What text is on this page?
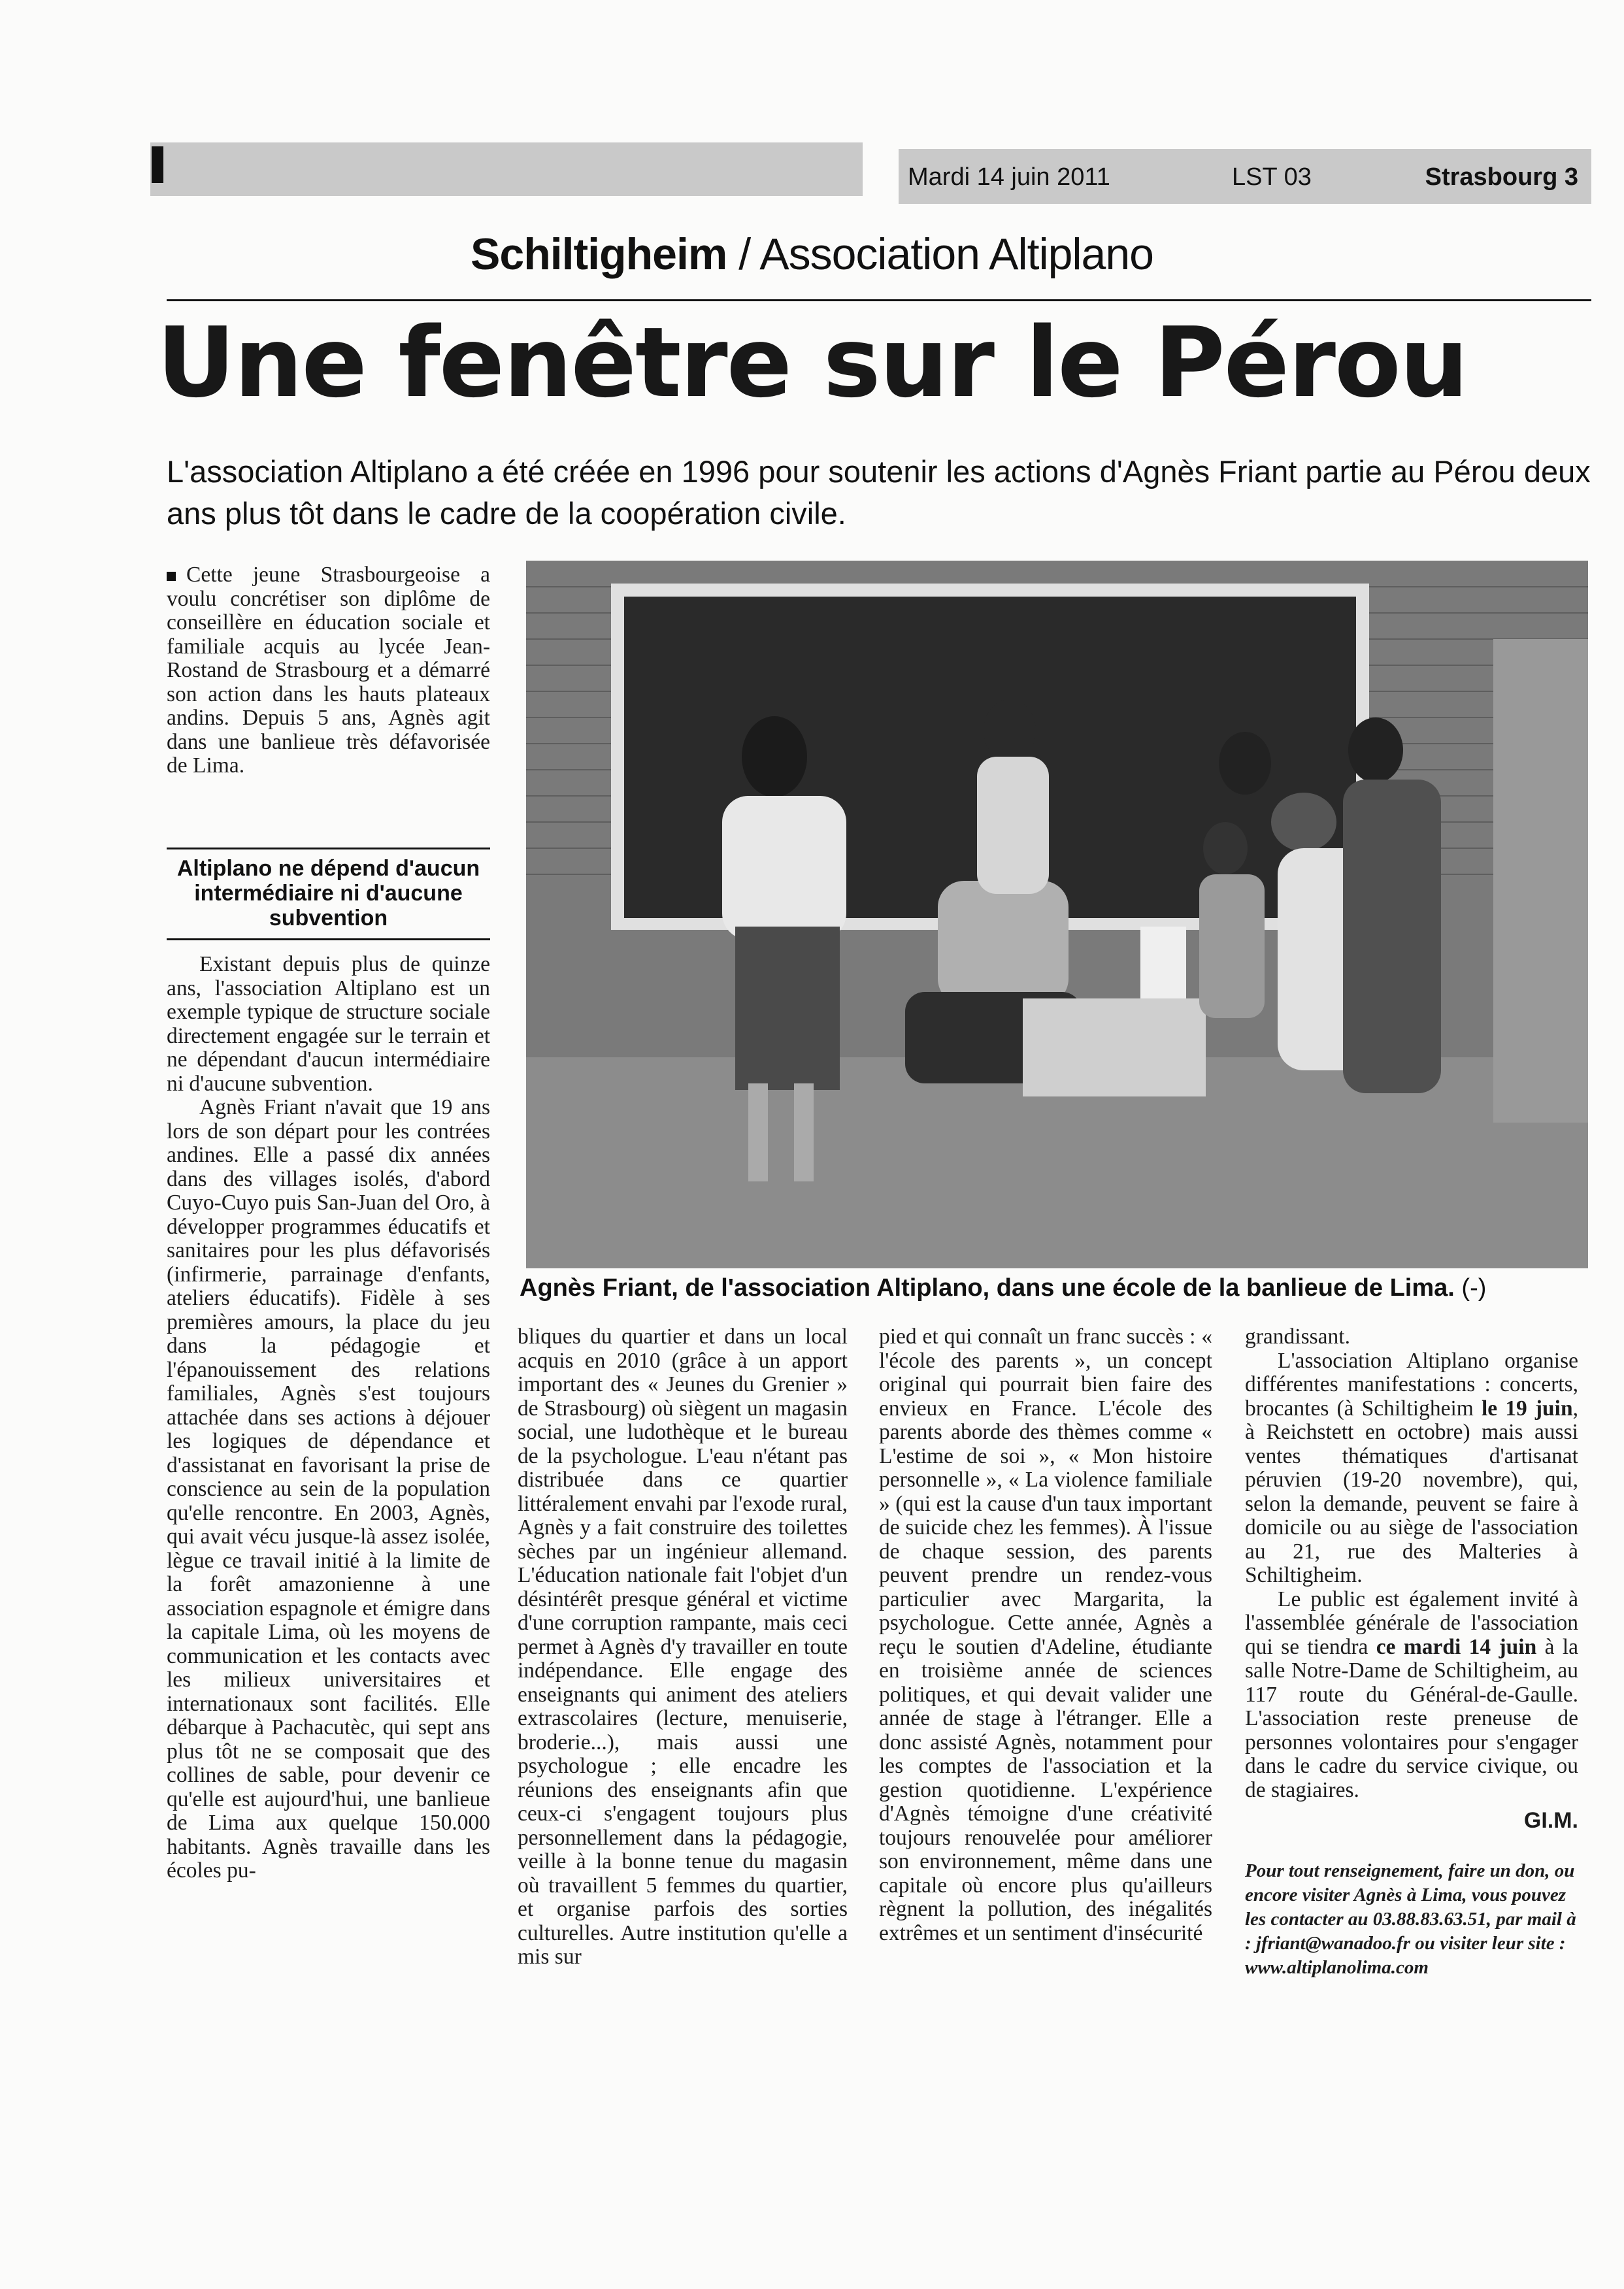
Mardi 14 juin 2011	LST 03	Strasbourg 3
Schiltigheim / Association Altiplano
Une fenêtre sur le Pérou
L'association Altiplano a été créée en 1996 pour soutenir les actions d'Agnès Friant partie au Pérou deux ans plus tôt dans le cadre de la coopération civile.

Cette jeune Strasbourgeoise a voulu concrétiser son diplôme de conseillère en éducation sociale et familiale acquis au lycée Jean-Rostand de Strasbourg et a démarré son action dans les hauts plateaux andins. Depuis 5 ans, Agnès agit dans une banlieue très défavorisée de Lima.

Altiplano ne dépend d'aucun intermédiaire ni d'aucune subvention

Existant depuis plus de quinze ans, l'association Altiplano est un exemple typique de structure sociale directement engagée sur le terrain et ne dépendant d'aucun intermédiaire ni d'aucune subvention.

Agnès Friant n'avait que 19 ans lors de son départ pour les contrées andines. Elle a passé dix années dans des villages isolés, d'abord Cuyo-Cuyo puis San-Juan del Oro, à développer programmes éducatifs et sanitaires pour les plus défavorisés (infirmerie, parrainage d'enfants, ateliers éducatifs). Fidèle à ses premières amours, la place du jeu dans la pédagogie et l'épanouissement des relations familiales, Agnès s'est toujours attachée dans ses actions à déjouer les logiques de dépendance et d'assistanat en favorisant la prise de conscience au sein de la population qu'elle rencontre. En 2003, Agnès, qui avait vécu jusque-là assez isolée, lègue ce travail initié à la limite de la forêt amazonienne à une association espagnole et émigre dans la capitale Lima, où les moyens de communication et les contacts avec les milieux universitaires et internationaux sont facilités. Elle débarque à Pachacutèc, qui sept ans plus tôt ne se composait que des collines de sable, pour devenir ce qu'elle est aujourd'hui, une banlieue de Lima aux quelque 150.000 habitants. Agnès travaille dans les écoles pu-

Agnès Friant, de l'association Altiplano, dans une école de la banlieue de Lima. (-)

bliques du quartier et dans un local acquis en 2010 (grâce à un apport important des « Jeunes du Grenier » de Strasbourg) où siègent un magasin social, une ludothèque et le bureau de la psychologue. L'eau n'étant pas distribuée dans ce quartier littéralement envahi par l'exode rural, Agnès y a fait construire des toilettes sèches par un ingénieur allemand. L'éducation nationale fait l'objet d'un désintérêt presque général et victime d'une corruption rampante, mais ceci permet à Agnès d'y travailler en toute indépendance. Elle engage des enseignants qui animent des ateliers extrascolaires (lecture, menuiserie, broderie...), mais aussi une psychologue ; elle encadre les réunions des enseignants afin que ceux-ci s'engagent toujours plus personnellement dans la pédagogie, veille à la bonne tenue du magasin où travaillent 5 femmes du quartier, et organise parfois des sorties culturelles. Autre institution qu'elle a mis sur

pied et qui connaît un franc succès : « l'école des parents », un concept original qui pourrait bien faire des envieux en France. L'école des parents aborde des thèmes comme « L'estime de soi », « Mon histoire personnelle », « La violence familiale » (qui est la cause d'un taux important de suicide chez les femmes). À l'issue de chaque session, des parents peuvent prendre un rendez-vous particulier avec Margarita, la psychologue. Cette année, Agnès a reçu le soutien d'Adeline, étudiante en troisième année de sciences politiques, et qui devait valider une année de stage à l'étranger. Elle a donc assisté Agnès, notamment pour les comptes de l'association et la gestion quotidienne. L'expérience d'Agnès témoigne d'une créativité toujours renouvelée pour améliorer son environnement, même dans une capitale où encore plus qu'ailleurs règnent la pollution, des inégalités extrêmes et un sentiment d'insécurité

grandissant.

L'association Altiplano organise différentes manifestations : concerts, brocantes (à Schiltigheim le 19 juin, à Reichstett en octobre) mais aussi ventes thématiques d'artisanat péruvien (19-20 novembre), qui, selon la demande, peuvent se faire à domicile ou au siège de l'association au 21, rue des Malteries à Schiltigheim.

Le public est également invité à l'assemblée générale de l'association qui se tiendra ce mardi 14 juin à la salle Notre-Dame de Schiltigheim, au 117 route du Général-de-Gaulle. L'association reste preneuse de personnes volontaires pour s'engager dans le cadre du service civique, ou de stagiaires.

GI.M.
Pour tout renseignement, faire un don, ou encore visiter Agnès à Lima, vous pouvez les contacter au 03.88.83.63.51, par mail à : jfriant@wanadoo.fr ou visiter leur site : www.altiplanolima.com
